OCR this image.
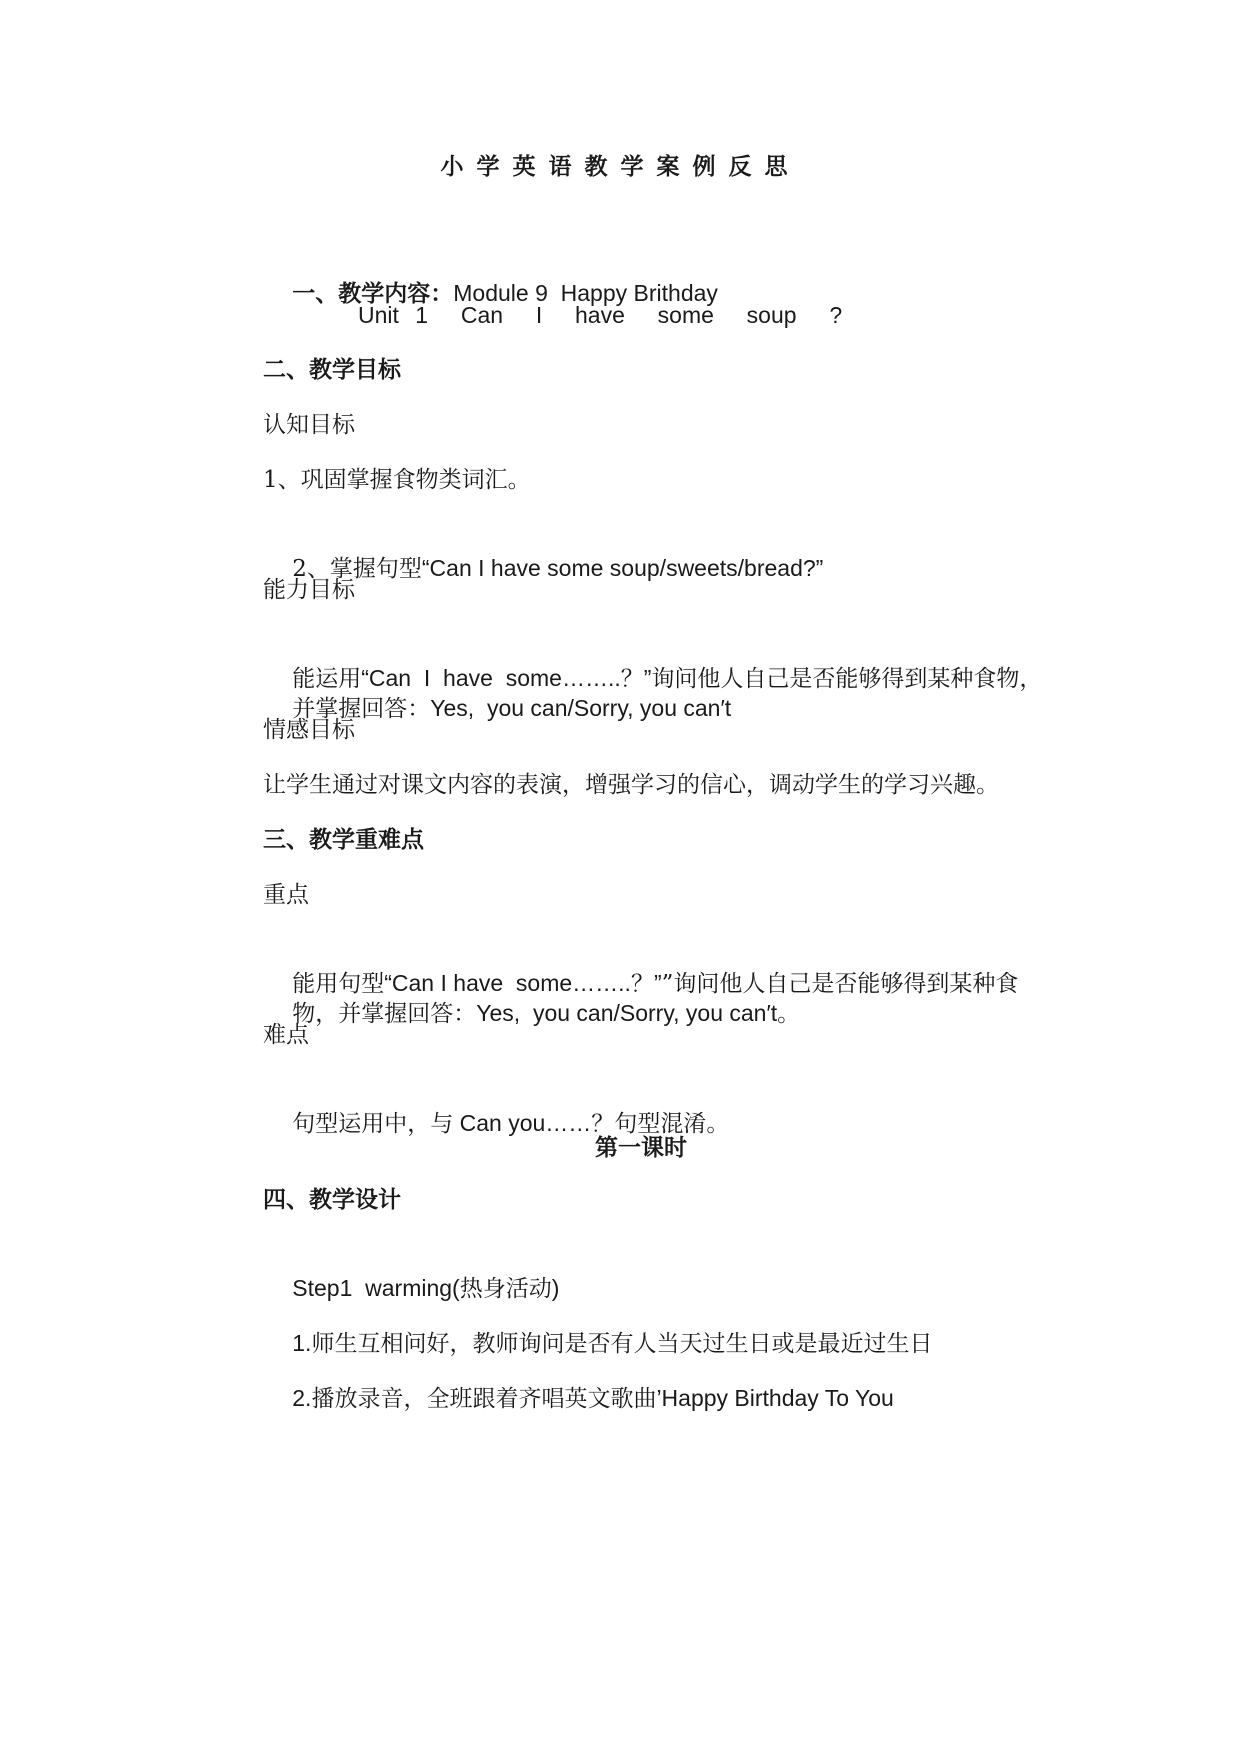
小学英语教学案例反思

一、教学内容：Module 9  Happy Brithday

Unit 1  Can  I  have  some  soup  ?
二、教学目标
认知目标
1、巩固掌握食物类词汇。

2、掌握句型“Can I have some soup/sweets/bread?”

能力目标

能运用“Can  I  have  some……..？”询问他人自己是否能够得到某种食物，

并掌握回答：Yes,  you can/Sorry, you can′t

情感目标
让学生通过对课文内容的表演，增强学习的信心，调动学生的学习兴趣。
三、教学重难点
重点

能用句型“Can I have  some……..？””询问他人自己是否能够得到某种食

物，并掌握回答：Yes,  you can/Sorry, you can′t。

难点

句型运用中，与 Can you……？句型混淆。

第一课时
四、教学设计

Step1  warming(热身活动)

1.师生互相问好，教师询问是否有人当天过生日或是最近过生日

2.播放录音，全班跟着齐唱英文歌曲’Happy Birthday To You
